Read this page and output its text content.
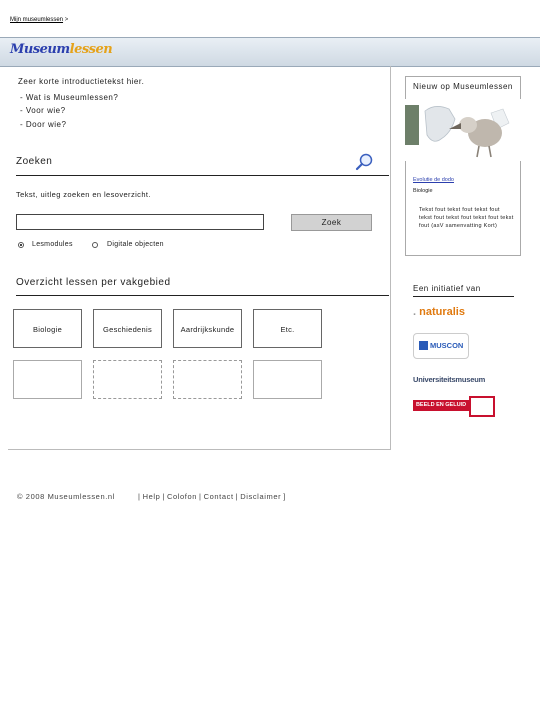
Mijn museumlessen >
Museumlessen
Zeer korte introductietekst hier.
- Wat is Museumlessen?
- Voor wie?
- Door wie?
Zoeken
Tekst, uitleg zoeken en lesoverzicht.
Zoek
Lesmodules	Digitale objecten
Overzicht lessen per vakgebied
Biologie	Geschiedenis	Aardrijkskunde	Etc.
Nieuw op Museumlessen
Evolutie de dodo
Biologie
Tekst fout tekst fout tekst fout tekst fout tekst fout tekst fout tekst fout (asV samenvatting Kort)
Een initiatief van
. naturalis
MUSCON
Universiteitsmuseum
BEELD EN GELUID
© 2008 Museumlessen.nl	| Help | Colofon | Contact | Disclaimer ]
